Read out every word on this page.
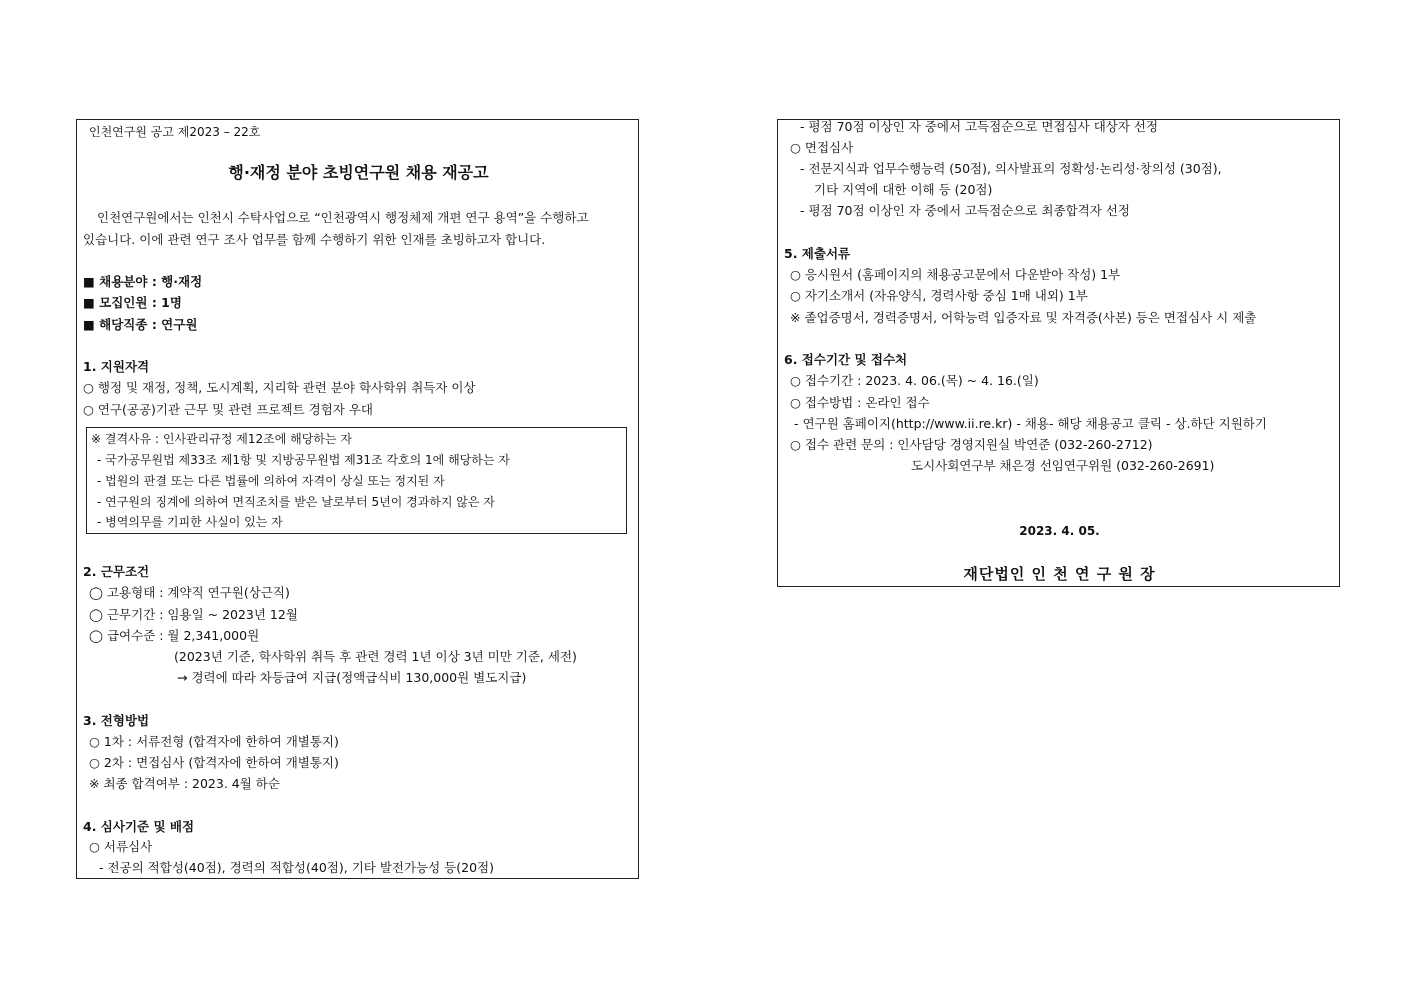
인천연구원 공고 제2023 – 22호
행·재정 분야 초빙연구원 채용 재공고
인천연구원에서는 인천시 수탁사업으로 “인천광역시 행정체제 개편 연구 용역”을 수행하고
있습니다. 이에 관련 연구 조사 업무를 함께 수행하기 위한 인재를 초빙하고자 합니다.
■ 채용분야 : 행·재정
■ 모집인원 : 1명
■ 해당직종 : 연구원
1. 지원자격
○ 행정 및 재정, 정책, 도시계획, 지리학 관련 분야 학사학위 취득자 이상
○ 연구(공공)기관 근무 및 관련 프로젝트 경험자 우대
※ 결격사유 : 인사관리규정 제12조에 해당하는 자
- 국가공무원법 제33조 제1항 및 지방공무원법 제31조 각호의 1에 해당하는 자
- 법원의 판결 또는 다른 법률에 의하여 자격이 상실 또는 정지된 자
- 연구원의 징계에 의하여 면직조치를 받은 날로부터 5년이 경과하지 않은 자
- 병역의무를 기피한 사실이 있는 자
2. 근무조건
◯ 고용형태 : 계약직 연구원(상근직)
◯ 근무기간 : 임용일 ~ 2023년 12월
◯ 급여수준 : 월 2,341,000원
(2023년 기준, 학사학위 취득 후 관련 경력 1년 이상 3년 미만 기준, 세전)
→ 경력에 따라 차등급여 지급(정액급식비 130,000원 별도지급)
3. 전형방법
○ 1차 : 서류전형 (합격자에 한하여 개별통지)
○ 2차 : 면접심사 (합격자에 한하여 개별통지)
※ 최종 합격여부 : 2023. 4월 하순
4. 심사기준 및 배점
○ 서류심사
- 전공의 적합성(40점), 경력의 적합성(40점), 기타 발전가능성 등(20점)
- 평점 70점 이상인 자 중에서 고득점순으로 면접심사 대상자 선정
○ 면접심사
- 전문지식과 업무수행능력 (50점), 의사발표의 정확성·논리성·창의성 (30점),
기타 지역에 대한 이해 등 (20점)
- 평점 70점 이상인 자 중에서 고득점순으로 최종합격자 선정
5. 제출서류
○ 응시원서 (홈페이지의 채용공고문에서 다운받아 작성) 1부
○ 자기소개서 (자유양식, 경력사항 중심 1매 내외) 1부
※ 졸업증명서, 경력증명서, 어학능력 입증자료 및 자격증(사본) 등은 면접심사 시 제출
6. 접수기간 및 접수처
○ 접수기간 : 2023. 4. 06.(목) ~ 4. 16.(일)
○ 접수방법 : 온라인 접수
- 연구원 홈페이지(http://www.ii.re.kr) - 채용- 해당 채용공고 클릭 - 상.하단 지원하기
○ 접수 관련 문의 : 인사담당 경영지원실 박연준 (032-260-2712)
도시사회연구부 채은경 선임연구위원 (032-260-2691)
2023. 4. 05.
재단법인 인 천 연 구 원 장
